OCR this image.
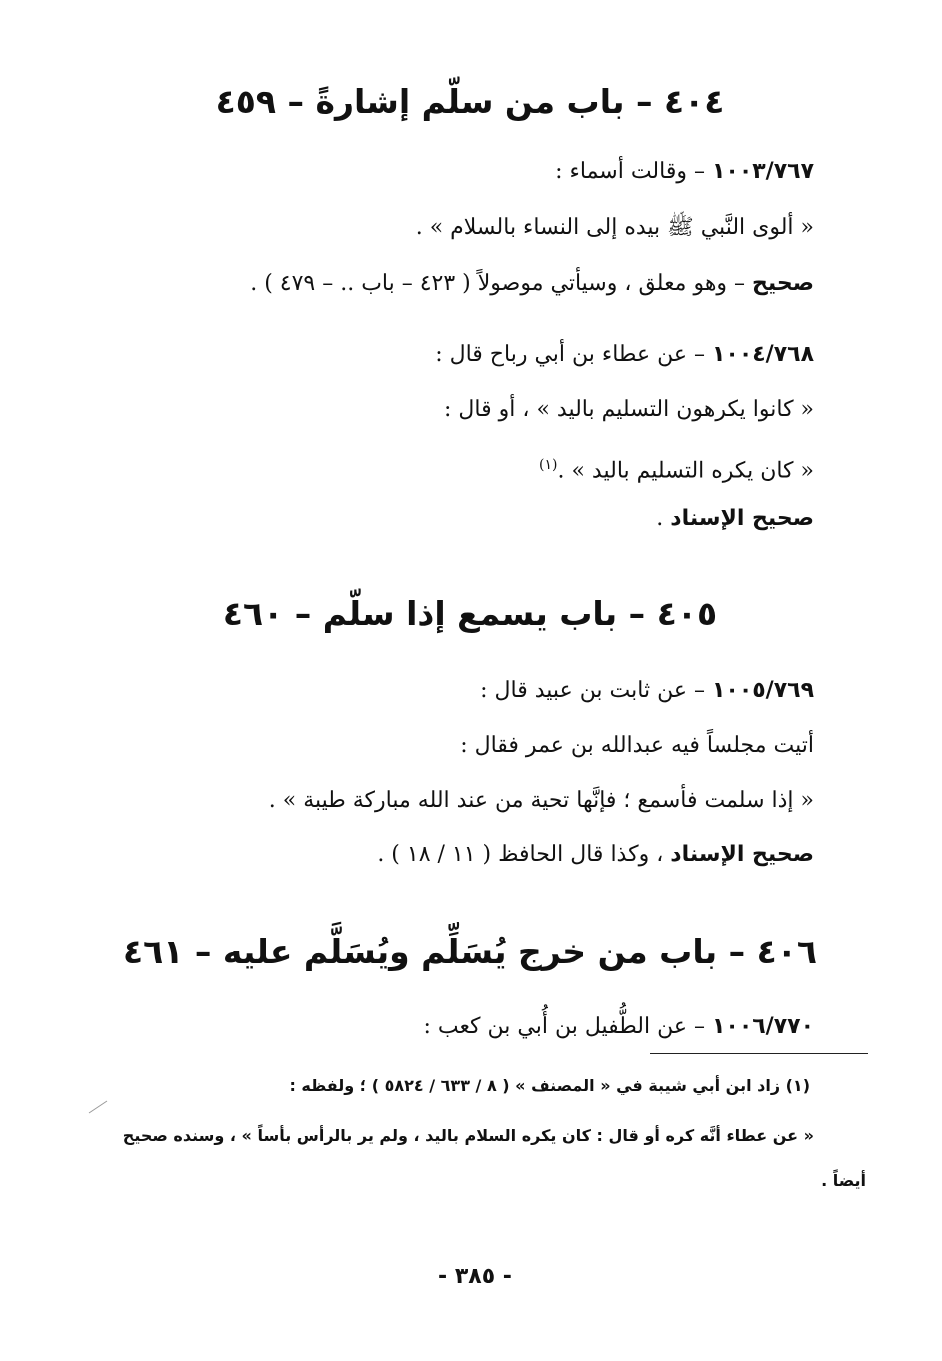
٤٠٤ – باب من سلّم إشارةً – ٤٥٩
١٠٠٣/٧٦٧ – وقالت أسماء :
« ألوى النَّبي ﷺ بيده إلى النساء بالسلام » .
صحيح – وهو معلق ، وسيأتي موصولاً ( ٤٢٣ – باب .. – ٤٧٩ ) .
١٠٠٤/٧٦٨ – عن عطاء بن أبي رباح قال :
« كانوا يكرهون التسليم باليد » ، أو قال :
« كان يكره التسليم باليد » .$^{(١)}$
صحيح الإسناد .
٤٠٥ – باب يسمع إذا سلّم – ٤٦٠
١٠٠٥/٧٦٩ – عن ثابت بن عبيد قال :
أتيت مجلساً فيه عبدالله بن عمر فقال :
« إذا سلمت فأسمع ؛ فإنَّها تحية من عند الله مباركة طيبة » .
صحيح الإسناد ، وكذا قال الحافظ ( ١١ / ١٨ ) .
٤٠٦ – باب من خرج يُسَلِّم ويُسَلَّم عليه – ٤٦١
١٠٠٦/٧٧٠ – عن الطُّفيل بن أُبي بن كعب :
(١) زاد ابن أبي شيبة في « المصنف » ( ٨ / ٦٣٣ / ٥٨٢٤ ) ؛ ولفظه :
« عن عطاء أنَّه كره أو قال : كان يكره السلام باليد ، ولم ير بالرأس بأساً » ، وسنده صحيح
أيضاً .
- ٣٨٥ -
